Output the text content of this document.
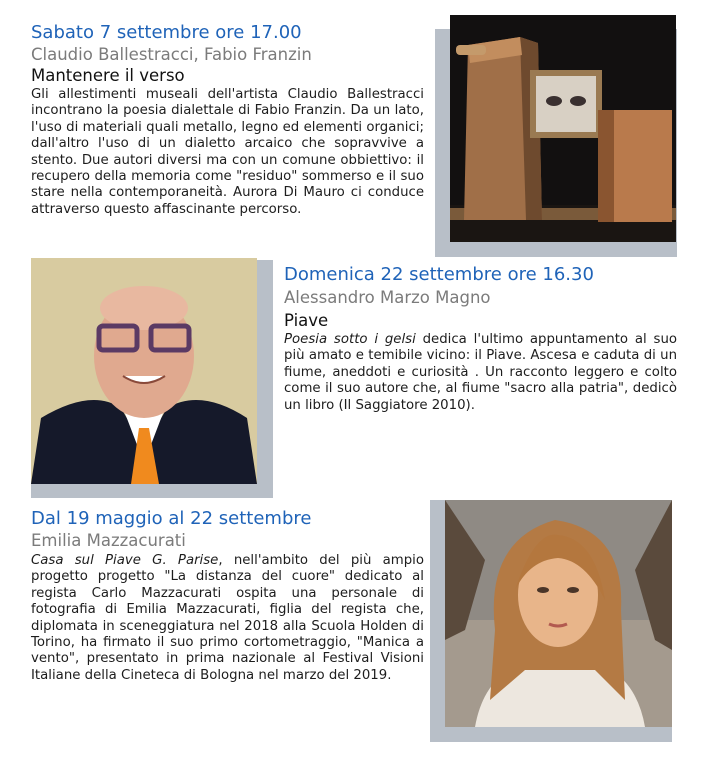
Sabato 7 settembre ore 17.00
Claudio Ballestracci, Fabio Franzin
Mantenere il verso
Gli allestimenti museali dell'artista Claudio Ballestracci incontrano la poesia dialettale di Fabio Franzin. Da un lato, l'uso di materiali quali metallo, legno ed elementi organici; dall'altro l'uso di un dialetto arcaico che sopravvive a stento. Due autori diversi ma con un comune obbiettivo: il recupero della memoria come "residuo" sommerso e il suo stare nella contemporaneità. Aurora Di Mauro ci conduce attraverso questo affascinante percorso.
Domenica 22 settembre ore 16.30
Alessandro Marzo Magno
Piave
Poesia sotto i gelsi dedica l'ultimo appuntamento al suo più amato e temibile vicino: il Piave. Ascesa e caduta di un fiume, aneddoti e curiosità . Un racconto leggero e colto come il suo autore che, al fiume "sacro alla patria", dedicò un libro (Il Saggiatore 2010).
Dal 19 maggio al 22 settembre
Emilia Mazzacurati
Casa sul Piave G. Parise, nell'ambito del più ampio progetto progetto "La distanza del cuore" dedicato al regista Carlo Mazzacurati ospita una personale di fotografia di Emilia Mazzacurati, figlia del regista che, diplomata in sceneggiatura nel 2018 alla Scuola Holden di Torino, ha firmato il suo primo cortometraggio, "Manica a vento", presentato in prima nazionale al Festival Visioni Italiane della Cineteca di Bologna nel marzo del 2019.
